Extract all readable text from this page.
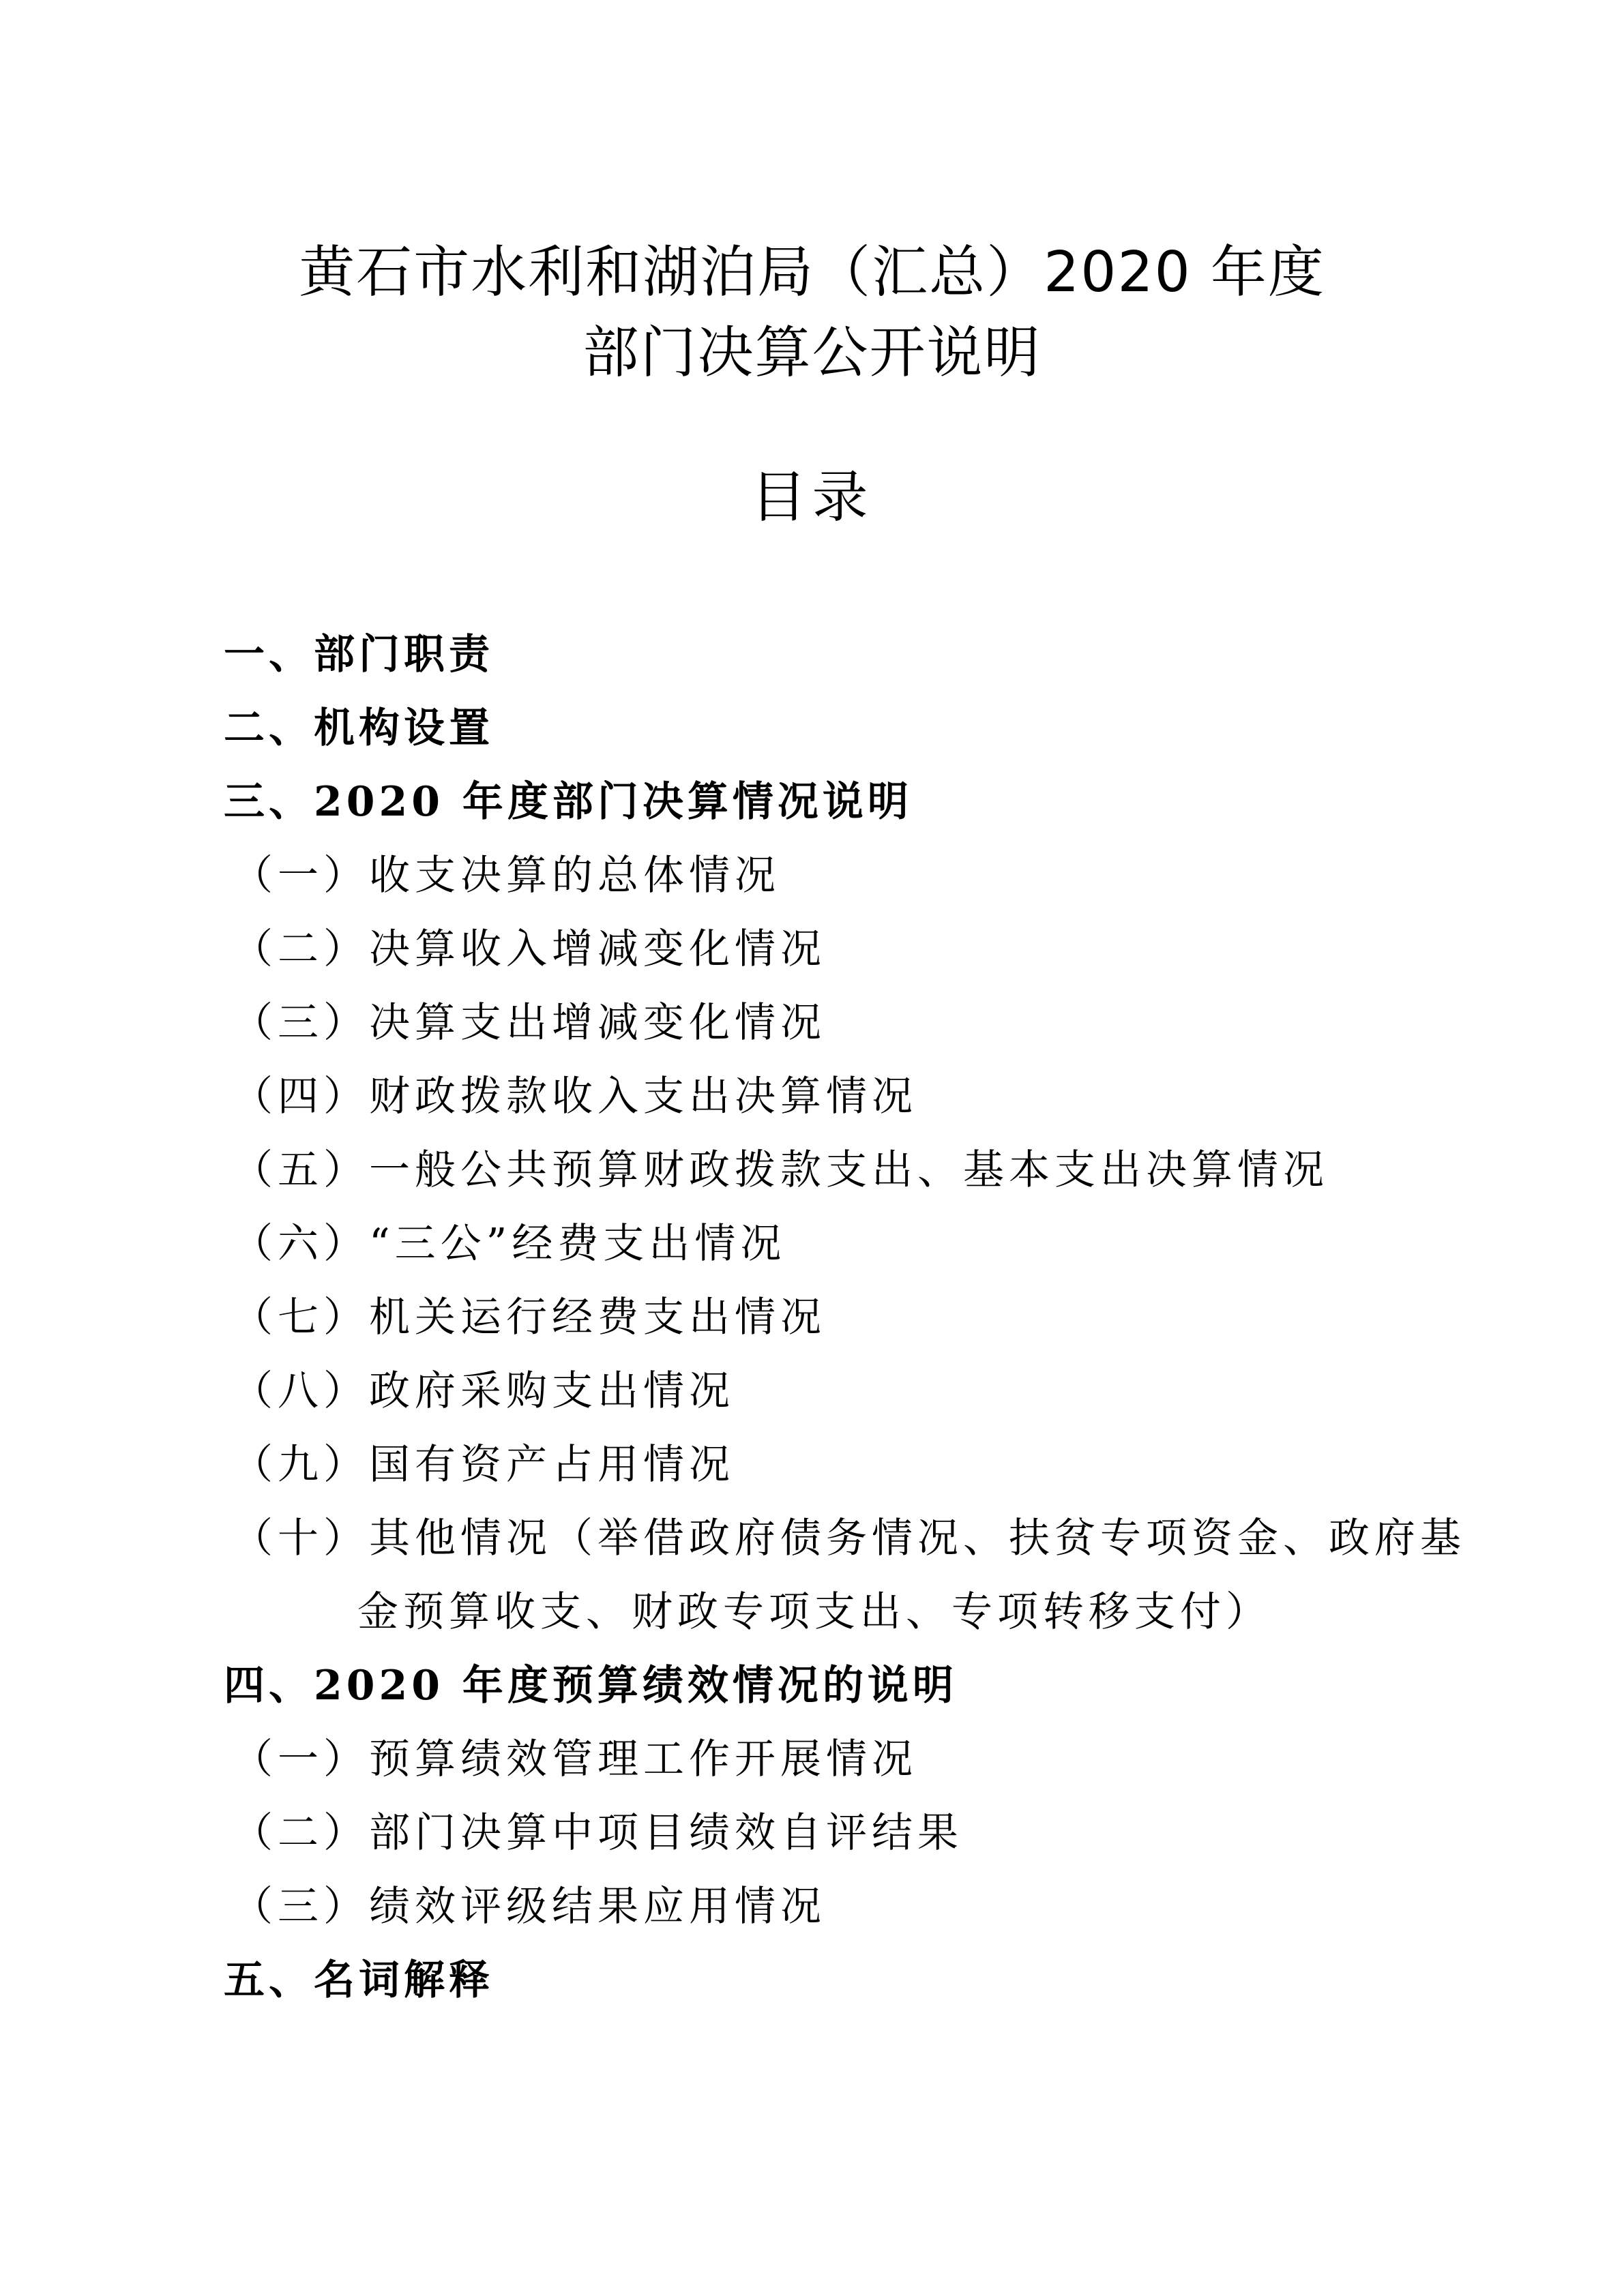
黄石市水利和湖泊局（汇总）2020 年度
部门决算公开说明
目录
一、部门职责
二、机构设置
三、2020 年度部门决算情况说明
（一）收支决算的总体情况
（二）决算收入增减变化情况
（三）决算支出增减变化情况
（四）财政拨款收入支出决算情况
（五）一般公共预算财政拨款支出、基本支出决算情况
（六）“三公”经费支出情况
（七）机关运行经费支出情况
（八）政府采购支出情况
（九）国有资产占用情况
（十）其他情况（举借政府债务情况、扶贫专项资金、政府基
金预算收支、财政专项支出、专项转移支付）
四、2020 年度预算绩效情况的说明
（一）预算绩效管理工作开展情况
（二）部门决算中项目绩效自评结果
（三）绩效评级结果应用情况
五、名词解释
